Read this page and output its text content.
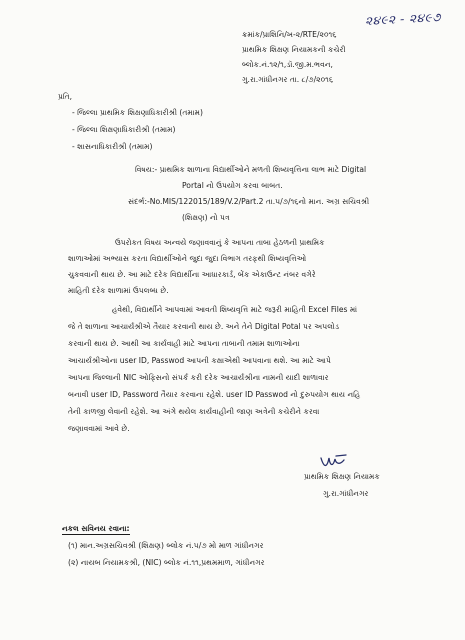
૨૪૯૨ - ૨૪૯૭
ક્રમાંક/પ્રાશિનિ/ખ-૨/RTE/૨૦૧૬
પ્રાથમિક શિક્ષણ નિયામકની કચેરી
બ્લોક.નં.૧૨/૧,ડૉ.જી.મ.ભવન,
ગુ.રા.ગાંધીનગર તા. ૮/૭/૨૦૧૬
પ્રતિ,
- જિલ્લા પ્રાથમિક શિક્ષણાધિકારીશ્રી (તમામ)
- જિલ્લા શિક્ષણાધિકારીશ્રી (તમામ)
- શાસનાધિકારીશ્રી (તમામ)
વિષય:- પ્રાથમિક શાળાના વિદ્યાર્થીઓને મળતી શિષ્યવૃત્તિના લાભ માટે Digital
Portal નો ઉપયોગ કરવા બાબત.
સંદર્ભ:-No.MIS/122015/189/V.2/Part.2 તા.૫/૭/૧૬નો માન. અગ્ર સચિવશ્રી
(શિક્ષણ) નો પત્ર
ઉપરોકત વિષય અન્વયે જણાવવાનું કે આપના તાબા હેઠળની પ્રાથમિક
શાળાઓમાં અભ્યાસ કરતા વિદ્યાર્થીઓને જુદા જુદા વિભાગ તરફથી શિષ્યવૃત્તિઓ
ચુકવવાની થાય છે. આ માટે દરેક વિદ્યાર્થીના આધારકાર્ડ, બેંક એકાઉન્ટ નંબર વગેરે
માહિતી દરેક શાળામાં ઉપલબ્ધ છે.
હવેથી, વિદ્યાર્થીને આપવામાં આવતી શિષ્યવૃત્તિ માટે જરૂરી માહિતી Excel Files માં
જે તે શાળાના આચાર્યશ્રીએ તૈયાર કરવાની થાય છે. અને તેને Digital Potal પર અપલોડ
કરવાની થાય છે. આથી આ કાર્યવાહી માટે આપના તાબાની તમામ શાળાઓના
આચાર્યશ્રીઓના user ID, Passwod આપની કક્ષાએથી આપવાના થશે. આ માટે આપે
આપના જિલ્લાની NIC ઓફિસનો સંપર્ક કરી દરેક આચાર્યશ્રીના નામની યાદી શાળાવાર
બનાવી user ID, Password તૈયાર કરવાના રહેશે. user ID Passwod નો દુરુપયોગ થાય નહિ
તેની કાળજી લેવાની રહેશે. આ અંગે થયેલ કાર્યવાહીની જાણ અત્રેની કચેરીને કરવા
જણાવવામાં આવે છે.
પ્રાથમિક શિક્ષણ નિયામક
ગુ.રા.ગાંધીનગર
નકલ સવિનય રવાના:
(૧) માન.અગ્રસચિવશ્રી (શિક્ષણ) બ્લોક નં.૫/૭ મો માળ ગાંધીનગર
(૨) નાયબ નિયામકશ્રી, (NIC) બ્લોક નં.૧૧,પ્રથમમાળ, ગાંધીનગર
